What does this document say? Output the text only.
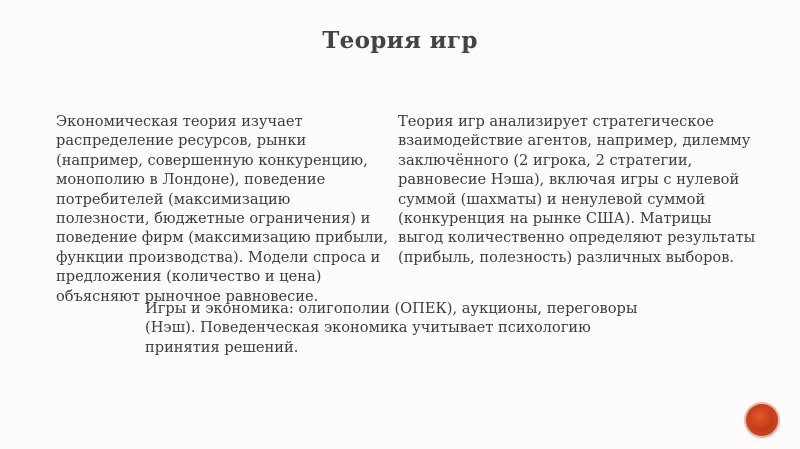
Теория игр

Экономическая теория изучает распределение ресурсов, рынки (например, совершенную конкуренцию, монополию в Лондоне), поведение потребителей (максимизацию полезности, бюджетные ограничения) и поведение фирм (максимизацию прибыли, функции производства). Модели спроса и предложения (количество и цена) объясняют рыночное равновесие.

Теория игр анализирует стратегическое взаимодействие агентов, например, дилемму заключённого (2 игрока, 2 стратегии, равновесие Нэша), включая игры с нулевой суммой (шахматы) и ненулевой суммой (конкуренция на рынке США). Матрицы выгод количественно определяют результаты (прибыль, полезность) различных выборов.

Игры и экономика: олигополии (ОПЕК), аукционы, переговоры (Нэш). Поведенческая экономика учитывает психологию принятия решений.
